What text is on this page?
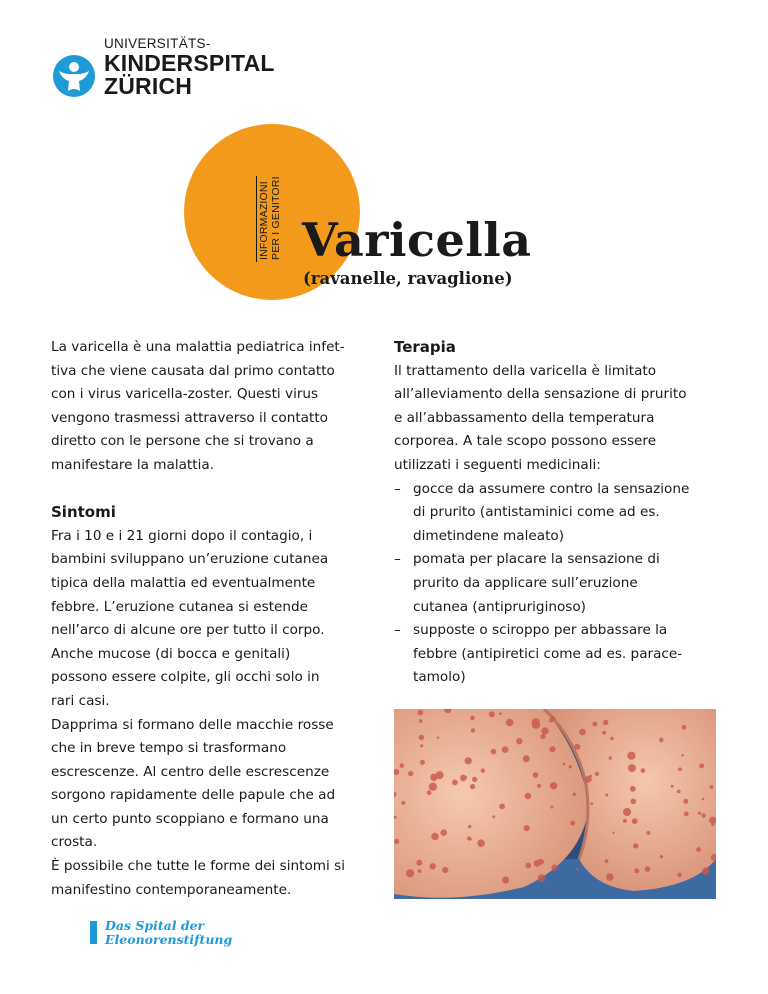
UNIVERSITÄTS-
KINDERSPITAL
ZÜRICH
INFORMAZIONI PER I GENITORI Varicella
(ravanelle, ravaglione)

La varicella è una malattia pediatrica infet-

tiva che viene causata dal primo contatto

con i virus varicella-zoster. Questi virus

vengono trasmessi attraverso il contatto

diretto con le persone che si trovano a

manifestare la malattia.

Sintomi

Fra i 10 e i 21 giorni dopo il contagio, i

bambini sviluppano un’eruzione cutanea

tipica della malattia ed eventualmente

febbre. L’eruzione cutanea si estende

nell’arco di alcune ore per tutto il corpo.

Anche mucose (di bocca e genitali)

possono essere colpite, gli occhi solo in

rari casi.

Dapprima si formano delle macchie rosse

che in breve tempo si trasformano

escrescenze. Al centro delle escrescenze

sorgono rapidamente delle papule che ad

un certo punto scoppiano e formano una

crosta.

È possibile che tutte le forme dei sintomi si

manifestino contemporaneamente.

Terapia

Il trattamento della varicella è limitato

all’alleviamento della sensazione di prurito

e all’abbassamento della temperatura

corporea. A tale scopo possono essere

utilizzati i seguenti medicinali:

– gocce da assumere contro la sensazione
di prurito (antistaminici come ad es.
dimetindene maleato)
– pomata per placare la sensazione di
prurito da applicare sull’eruzione
cutanea (antipruriginoso)
– supposte o sciroppo per abbassare la
febbre (antipiretici come ad es. parace-
tamolo)
Das Spital der
Eleonorenstiftung
